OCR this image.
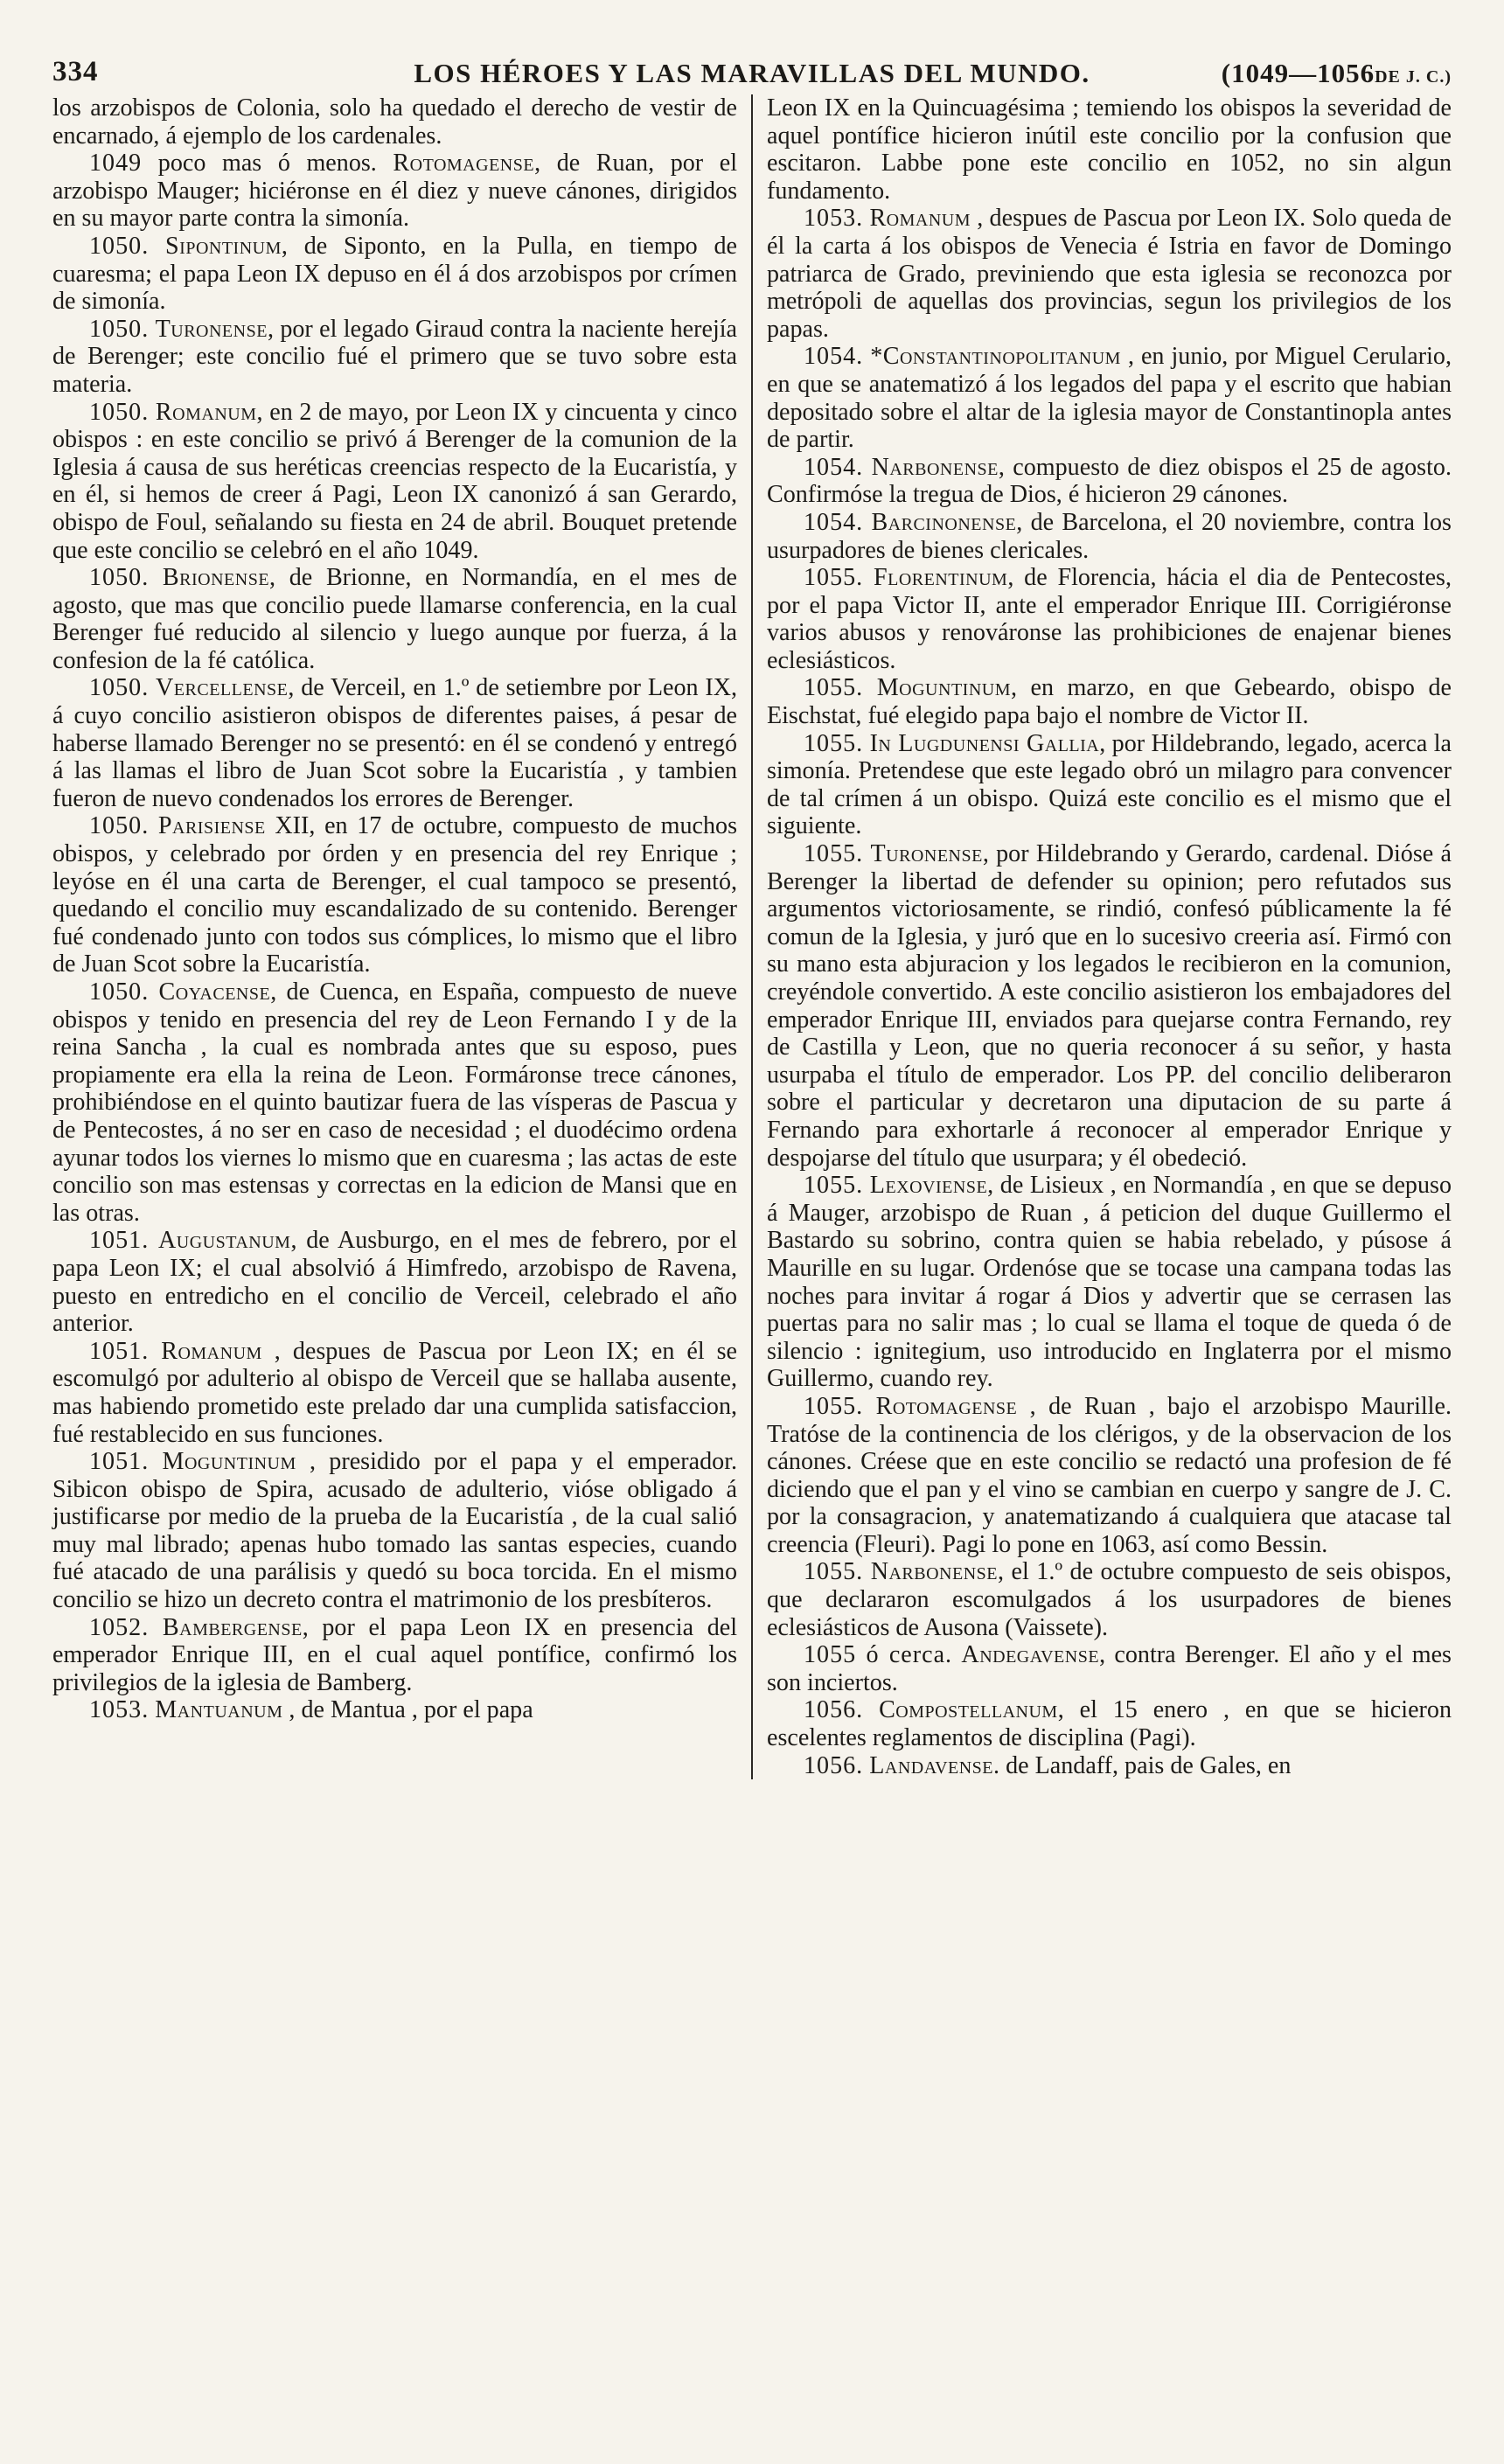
334	LOS HÉROES Y LAS MARAVILLAS DEL MUNDO.	(1049—1056DE J. C.)

los arzobispos de Colonia, solo ha quedado el derecho de vestir de encarnado, á ejemplo de los cardenales.

1049 poco mas ó menos. Rotomagense, de Ruan, por el arzobispo Mauger; hiciéronse en él diez y nueve cánones, dirigidos en su mayor parte contra la simonía.

1050. Sipontinum, de Siponto, en la Pulla, en tiempo de cuaresma; el papa Leon IX depuso en él á dos arzobispos por crímen de simonía.

1050. Turonense, por el legado Giraud contra la naciente herejía de Berenger; este concilio fué el primero que se tuvo sobre esta materia.

1050. Romanum, en 2 de mayo, por Leon IX y cincuenta y cinco obispos : en este concilio se privó á Berenger de la comunion de la Iglesia á causa de sus heréticas creencias respecto de la Eucaristía, y en él, si hemos de creer á Pagi, Leon IX canonizó á san Gerardo, obispo de Foul, señalando su fiesta en 24 de abril. Bouquet pretende que este concilio se celebró en el año 1049.

1050. Brionense, de Brionne, en Normandía, en el mes de agosto, que mas que concilio puede llamarse conferencia, en la cual Berenger fué reducido al silencio y luego aunque por fuerza, á la confesion de la fé católica.

1050. Vercellense, de Verceil, en 1.º de setiembre por Leon IX, á cuyo concilio asistieron obispos de diferentes paises, á pesar de haberse llamado Berenger no se presentó: en él se condenó y entregó á las llamas el libro de Juan Scot sobre la Eucaristía , y tambien fueron de nuevo condenados los errores de Berenger.

1050. Parisiense XII, en 17 de octubre, compuesto de muchos obispos, y celebrado por órden y en presencia del rey Enrique ; leyóse en él una carta de Berenger, el cual tampoco se presentó, quedando el concilio muy escandalizado de su contenido. Berenger fué condenado junto con todos sus cómplices, lo mismo que el libro de Juan Scot sobre la Eucaristía.

1050. Coyacense, de Cuenca, en España, compuesto de nueve obispos y tenido en presencia del rey de Leon Fernando I y de la reina Sancha , la cual es nombrada antes que su esposo, pues propiamente era ella la reina de Leon. Formáronse trece cánones, prohibiéndose en el quinto bautizar fuera de las vísperas de Pascua y de Pentecostes, á no ser en caso de necesidad ; el duodécimo ordena ayunar todos los viernes lo mismo que en cuaresma ; las actas de este concilio son mas estensas y correctas en la edicion de Mansi que en las otras.

1051. Augustanum, de Ausburgo, en el mes de febrero, por el papa Leon IX; el cual absolvió á Himfredo, arzobispo de Ravena, puesto en entredicho en el concilio de Verceil, celebrado el año anterior.

1051. Romanum , despues de Pascua por Leon IX; en él se escomulgó por adulterio al obispo de Verceil que se hallaba ausente, mas habiendo prometido este prelado dar una cumplida satisfaccion, fué restablecido en sus funciones.

1051. Moguntinum , presidido por el papa y el emperador. Sibicon obispo de Spira, acusado de adulterio, vióse obligado á justificarse por medio de la prueba de la Eucaristía , de la cual salió muy mal librado; apenas hubo tomado las santas especies, cuando fué atacado de una parálisis y quedó su boca torcida. En el mismo concilio se hizo un decreto contra el matrimonio de los presbíteros.

1052. Bambergense, por el papa Leon IX en presencia del emperador Enrique III, en el cual aquel pontífice, confirmó los privilegios de la iglesia de Bamberg.

1053. Mantuanum , de Mantua , por el papa

Leon IX en la Quincuagésima ; temiendo los obispos la severidad de aquel pontífice hicieron inútil este concilio por la confusion que escitaron. Labbe pone este concilio en 1052, no sin algun fundamento.

1053. Romanum , despues de Pascua por Leon IX. Solo queda de él la carta á los obispos de Venecia é Istria en favor de Domingo patriarca de Grado, previniendo que esta iglesia se reconozca por metrópoli de aquellas dos provincias, segun los privilegios de los papas.

1054. *Constantinopolitanum , en junio, por Miguel Cerulario, en que se anatematizó á los legados del papa y el escrito que habian depositado sobre el altar de la iglesia mayor de Constantinopla antes de partir.

1054. Narbonense, compuesto de diez obispos el 25 de agosto. Confirmóse la tregua de Dios, é hicieron 29 cánones.

1054. Barcinonense, de Barcelona, el 20 noviembre, contra los usurpadores de bienes clericales.

1055. Florentinum, de Florencia, hácia el dia de Pentecostes, por el papa Victor II, ante el emperador Enrique III. Corrigiéronse varios abusos y renováronse las prohibiciones de enajenar bienes eclesiásticos.

1055. Moguntinum, en marzo, en que Gebeardo, obispo de Eischstat, fué elegido papa bajo el nombre de Victor II.

1055. In Lugdunensi Gallia, por Hildebrando, legado, acerca la simonía. Pretendese que este legado obró un milagro para convencer de tal crímen á un obispo. Quizá este concilio es el mismo que el siguiente.

1055. Turonense, por Hildebrando y Gerardo, cardenal. Dióse á Berenger la libertad de defender su opinion; pero refutados sus argumentos victoriosamente, se rindió, confesó públicamente la fé comun de la Iglesia, y juró que en lo sucesivo creeria así. Firmó con su mano esta abjuracion y los legados le recibieron en la comunion, creyéndole convertido. A este concilio asistieron los embajadores del emperador Enrique III, enviados para quejarse contra Fernando, rey de Castilla y Leon, que no queria reconocer á su señor, y hasta usurpaba el título de emperador. Los PP. del concilio deliberaron sobre el particular y decretaron una diputacion de su parte á Fernando para exhortarle á reconocer al emperador Enrique y despojarse del título que usurpara; y él obedeció.

1055. Lexoviense, de Lisieux , en Normandía , en que se depuso á Mauger, arzobispo de Ruan , á peticion del duque Guillermo el Bastardo su sobrino, contra quien se habia rebelado, y púsose á Maurille en su lugar. Ordenóse que se tocase una campana todas las noches para invitar á rogar á Dios y advertir que se cerrasen las puertas para no salir mas ; lo cual se llama el toque de queda ó de silencio : ignitegium, uso introducido en Inglaterra por el mismo Guillermo, cuando rey.

1055. Rotomagense , de Ruan , bajo el arzobispo Maurille. Tratóse de la continencia de los clérigos, y de la observacion de los cánones. Créese que en este concilio se redactó una profesion de fé diciendo que el pan y el vino se cambian en cuerpo y sangre de J. C. por la consagracion, y anatematizando á cualquiera que atacase tal creencia (Fleuri). Pagi lo pone en 1063, así como Bessin.

1055. Narbonense, el 1.º de octubre compuesto de seis obispos, que declararon escomulgados á los usurpadores de bienes eclesiásticos de Ausona (Vaissete).

1055 ó cerca. Andegavense, contra Berenger. El año y el mes son inciertos.

1056. Compostellanum, el 15 enero , en que se hicieron escelentes reglamentos de disciplina (Pagi).

1056. Landavense. de Landaff, pais de Gales, en
